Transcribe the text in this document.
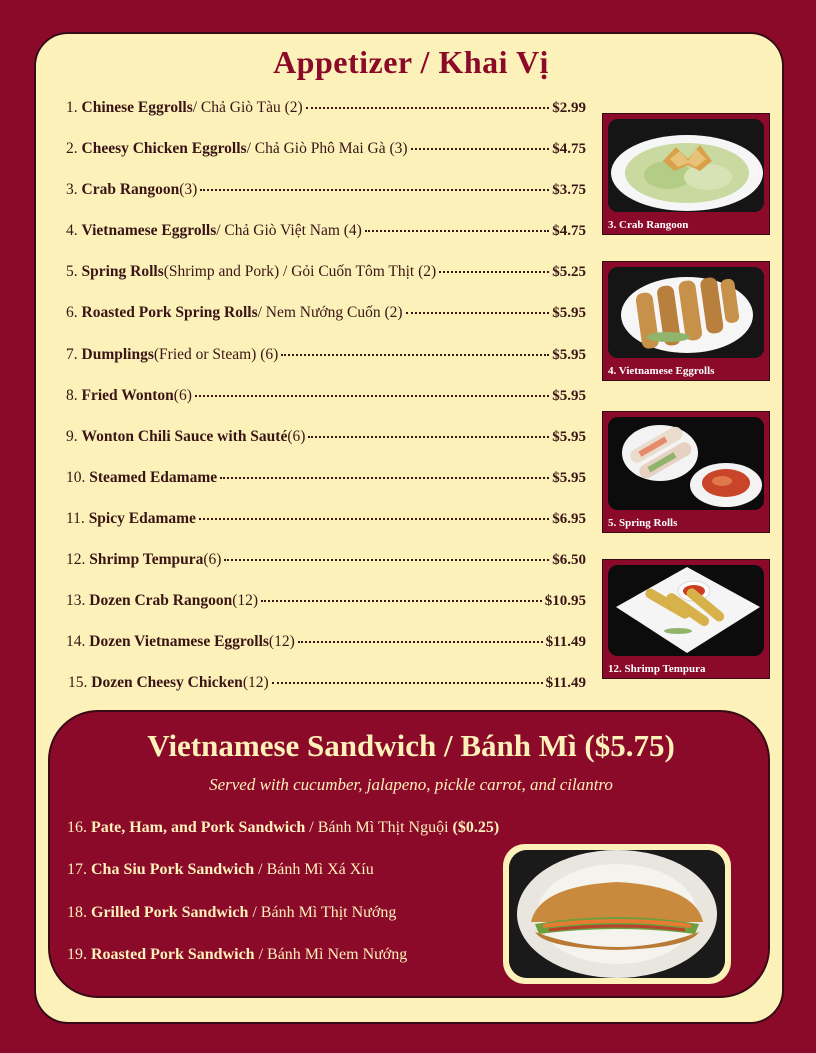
Appetizer / Khai Vị
1.
Chinese Eggrolls / Chả Giò Tàu (2)	$2.99
2.
Cheesy Chicken Eggrolls / Chả Giò Phô Mai Gà (3)	$4.75
3.
Crab Rangoon (3)	$3.75
4.
Vietnamese Eggrolls / Chả Giò Việt Nam (4)	$4.75
5.
Spring Rolls (Shrimp and Pork) / Gỏi Cuốn Tôm Thịt (2)	$5.25
6.
Roasted Pork Spring Rolls / Nem Nướng Cuốn (2)	$5.95
7.
Dumplings (Fried or Steam) (6)	$5.95
8.
Fried Wonton (6)	$5.95
9.
Wonton Chili Sauce with Sauté (6)	$5.95
10.
Steamed Edamame	$5.95
11.
Spicy Edamame	$6.95
12.
Shrimp Tempura (6)	$6.50
13.
Dozen Crab Rangoon (12)	$10.95
14.
Dozen Vietnamese Eggrolls (12)	$11.49
15.
Dozen Cheesy Chicken (12)	$11.49
3. Crab Rangoon
4. Vietnamese Eggrolls
5. Spring Rolls
12. Shrimp Tempura
Vietnamese Sandwich / Bánh Mì ($5.75)
Served with cucumber, jalapeno, pickle carrot, and cilantro
16. Pate, Ham, and Pork Sandwich / Bánh Mì Thịt Nguội ($0.25)
17. Cha Siu Pork Sandwich / Bánh Mì Xá Xíu
18. Grilled Pork Sandwich / Bánh Mì Thịt Nướng
19. Roasted Pork Sandwich / Bánh Mì Nem Nướng
